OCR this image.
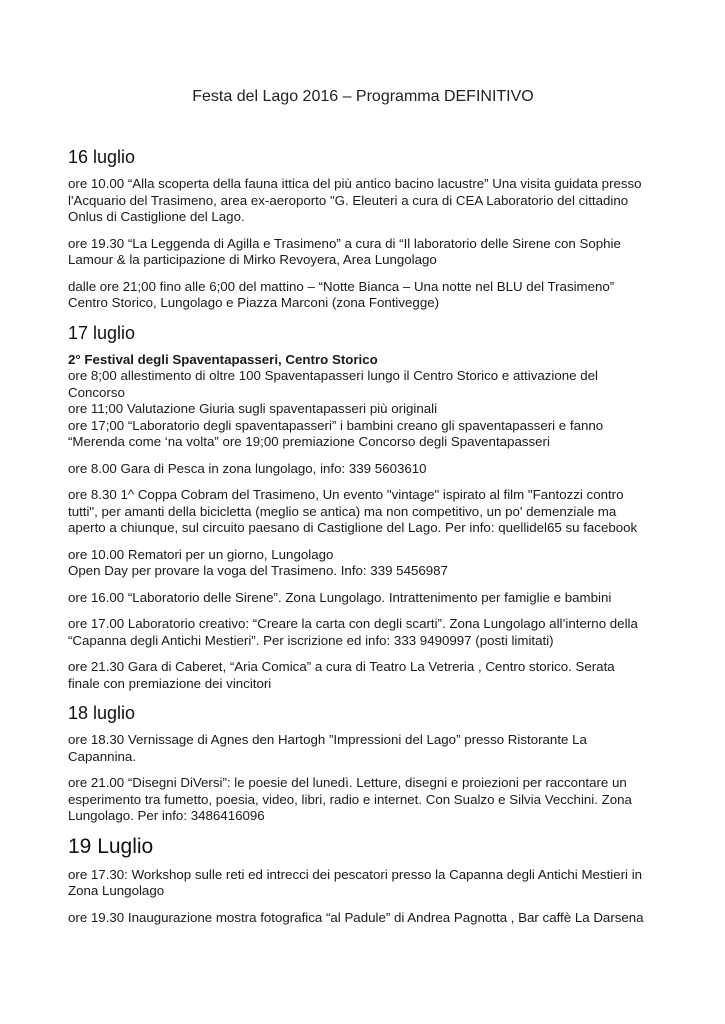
Festa del Lago 2016 – Programma DEFINITIVO
16 luglio

ore 10.00 “Alla scoperta della fauna ittica del più antico bacino lacustre” Una visita guidata presso
l'Acquario del Trasimeno, area ex-aeroporto "G. Eleuteri a cura di CEA Laboratorio del cittadino
Onlus di Castiglione del Lago.

ore 19.30 “La Leggenda di Agilla e Trasimeno” a cura di “Il laboratorio delle Sirene con Sophie
Lamour & la participazione di Mirko Revoyera, Area Lungolago

dalle ore 21;00 fino alle 6;00 del mattino – “Notte Bianca – Una notte nel BLU del Trasimeno”
Centro Storico, Lungolago e Piazza Marconi (zona Fontivegge)

17 luglio

2° Festival degli Spaventapasseri, Centro Storico
ore 8;00 allestimento di oltre 100 Spaventapasseri lungo il Centro Storico e attivazione del
Concorso
ore 11;00 Valutazione Giuria sugli spaventapasseri più originali
ore 17;00 “Laboratorio degli spaventapasseri” i bambini creano gli spaventapasseri e fanno
“Merenda come ‘na volta” ore 19;00 premiazione Concorso degli Spaventapasseri

ore 8.00 Gara di Pesca in zona lungolago, info: 339 5603610

ore 8.30 1^ Coppa Cobram del Trasimeno, Un evento "vintage" ispirato al film "Fantozzi contro
tutti", per amanti della bicicletta (meglio se antica) ma non competitivo, un po' demenziale ma
aperto a chiunque, sul circuito paesano di Castiglione del Lago. Per info: quellidel65 su facebook

ore 10.00 Rematori per un giorno, Lungolago
Open Day per provare la voga del Trasimeno. Info: 339 5456987

ore 16.00 “Laboratorio delle Sirene”. Zona Lungolago. Intrattenimento per famiglie e bambini

ore 17.00 Laboratorio creativo: “Creare la carta con degli scarti”. Zona Lungolago all’interno della
“Capanna degli Antichi Mestieri”. Per iscrizione ed info: 333 9490997 (posti limitati)

ore 21.30 Gara di Caberet, “Aria Comica” a cura di Teatro La Vetreria , Centro storico. Serata
finale con premiazione dei vincitori

18 luglio

ore 18.30 Vernissage di Agnes den Hartogh ”Impressioni del Lago” presso Ristorante La
Capannina.

ore 21.00 “Disegni DiVersi”: le poesie del lunedì. Letture, disegni e proiezioni per raccontare un
esperimento tra fumetto, poesia, video, libri, radio e internet. Con Sualzo e Silvia Vecchini. Zona
Lungolago. Per info: 3486416096

19 Luglio

ore 17.30: Workshop sulle reti ed intrecci dei pescatori presso la Capanna degli Antichi Mestieri in
Zona Lungolago

ore 19.30 Inaugurazione mostra fotografica “al Padule” di Andrea Pagnotta , Bar caffè La Darsena
